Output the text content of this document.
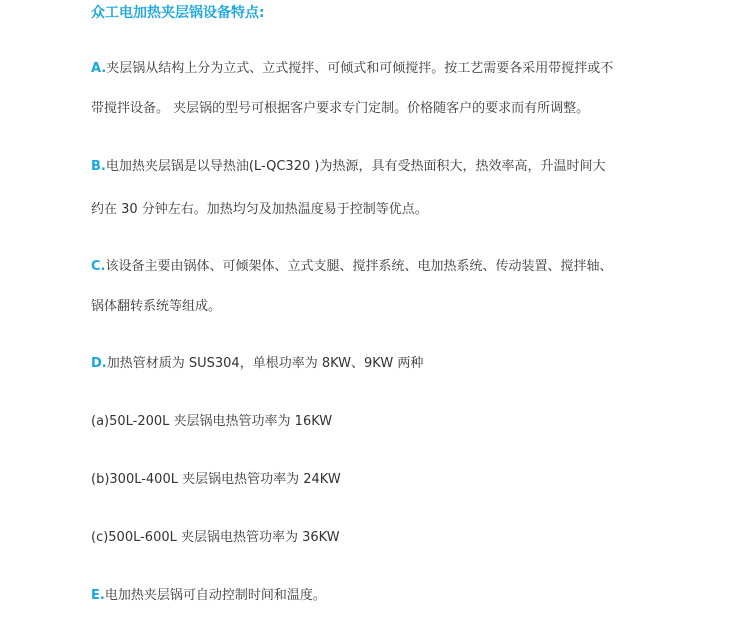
众工电加热夹层锅设备特点:
A.夹层锅从结构上分为立式、立式搅拌、可倾式和可倾搅拌。按工艺需要各采用带搅拌或不
带搅拌设备。 夹层锅的型号可根据客户要求专门定制。价格随客户的要求而有所调整。
B.电加热夹层锅是以导热油(L-QC320 )为热源，具有受热面积大，热效率高，升温时间大
约在 30 分钟左右。加热均匀及加热温度易于控制等优点。
C.该设备主要由锅体、可倾架体、立式支腿、搅拌系统、电加热系统、传动装置、搅拌轴、
锅体翻转系统等组成。
D.加热管材质为 SUS304，单根功率为 8KW、9KW 两种
(a)50L-200L 夹层锅电热管功率为 16KW
(b)300L-400L 夹层锅电热管功率为 24KW
(c)500L-600L 夹层锅电热管功率为 36KW
E.电加热夹层锅可自动控制时间和温度。
